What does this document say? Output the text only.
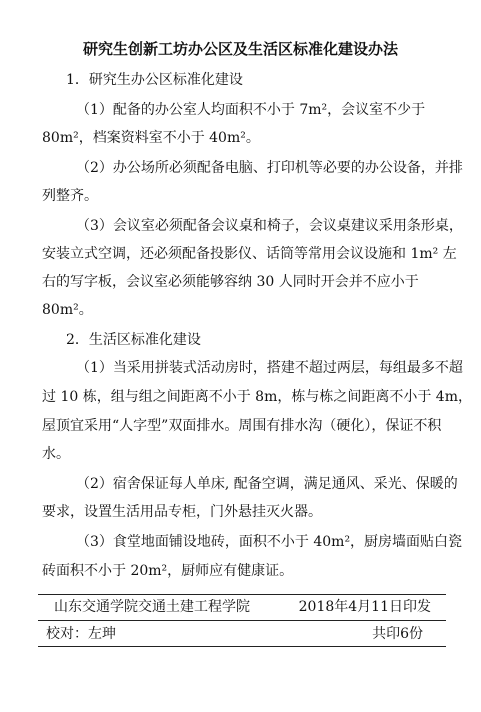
研究生创新工坊办公区及生活区标准化建设办法
1．研究生办公区标准化建设
（1）配备的办公室人均面积不小于 7m²，会议室不少于
80m²，档案资料室不小于 40m²。
（2）办公场所必须配备电脑、打印机等必要的办公设备，并排
列整齐。
（3）会议室必须配备会议桌和椅子，会议桌建议采用条形桌，
安装立式空调，还必须配备投影仪、话筒等常用会议设施和 1m² 左
右的写字板，会议室必须能够容纳 30 人同时开会并不应小于
80m²。
2．生活区标准化建设
（1）当采用拼装式活动房时，搭建不超过两层，每组最多不超
过 10 栋，组与组之间距离不小于 8m，栋与栋之间距离不小于 4m，
屋顶宜采用“人字型”双面排水。周围有排水沟（硬化），保证不积
水。
（2）宿舍保证每人单床, 配备空调，满足通风、采光、保暖的
要求，设置生活用品专柜，门外悬挂灭火器。
（3）食堂地面铺设地砖，面积不小于 40m²，厨房墙面贴白瓷
砖面积不小于 20m²，厨师应有健康证。
山东交通学院交通土建工程学院	2018年4月11日印发
校对：左珅	共印6份
